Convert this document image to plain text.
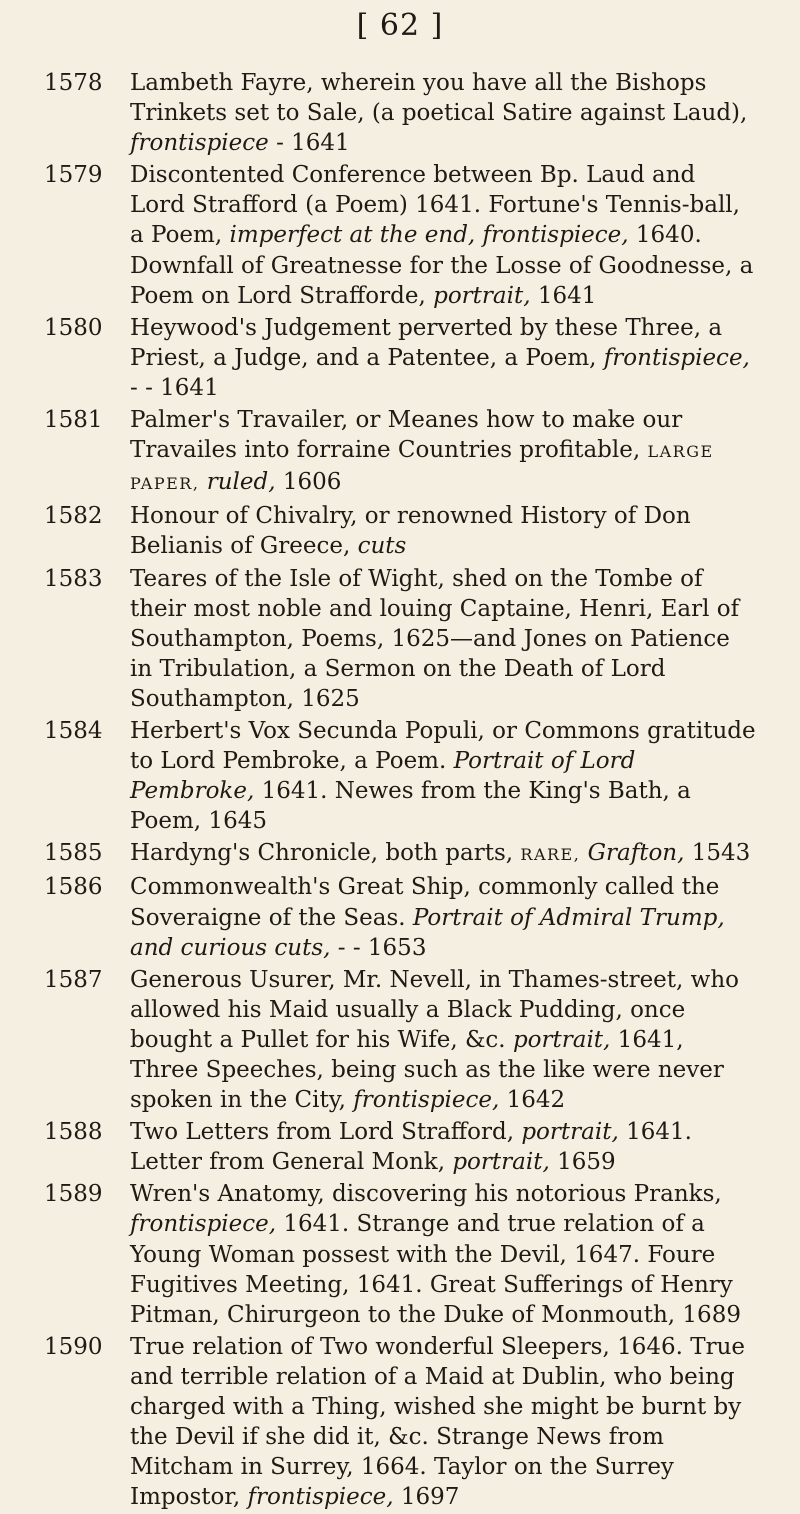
[ 62 ]
1578	Lambeth Fayre, wherein you have all the Bishops Trinkets set to Sale, (a poetical Satire against Laud), frontispiece - 1641
1579	Discontented Conference between Bp. Laud and Lord Strafford (a Poem) 1641. Fortune's Tennis-ball, a Poem, imperfect at the end, frontispiece, 1640. Downfall of Greatnesse for the Losse of Goodnesse, a Poem on Lord Strafforde, portrait, 1641
1580	Heywood's Judgement perverted by these Three, a Priest, a Judge, and a Patentee, a Poem, frontispiece, - - 1641
1581	Palmer's Travailer, or Meanes how to make our Travailes into forraine Countries profitable, LARGE PAPER, ruled, 1606
1582	Honour of Chivalry, or renowned History of Don Belianis of Greece, cuts
1583	Teares of the Isle of Wight, shed on the Tombe of their most noble and louing Captaine, Henri, Earl of Southampton, Poems, 1625—and Jones on Patience in Tribulation, a Sermon on the Death of Lord Southampton, 1625
1584	Herbert's Vox Secunda Populi, or Commons gratitude to Lord Pembroke, a Poem. Portrait of Lord Pembroke, 1641. Newes from the King's Bath, a Poem, 1645
1585	Hardyng's Chronicle, both parts, RARE, Grafton, 1543
1586	Commonwealth's Great Ship, commonly called the Soveraigne of the Seas. Portrait of Admiral Trump, and curious cuts, - - 1653
1587	Generous Usurer, Mr. Nevell, in Thames-street, who allowed his Maid usually a Black Pudding, once bought a Pullet for his Wife, &c. portrait, 1641, Three Speeches, being such as the like were never spoken in the City, frontispiece, 1642
1588	Two Letters from Lord Strafford, portrait, 1641. Letter from General Monk, portrait, 1659
1589	Wren's Anatomy, discovering his notorious Pranks, frontispiece, 1641. Strange and true relation of a Young Woman possest with the Devil, 1647. Foure Fugitives Meeting, 1641. Great Sufferings of Henry Pitman, Chirurgeon to the Duke of Monmouth, 1689
1590	True relation of Two wonderful Sleepers, 1646. True and terrible relation of a Maid at Dublin, who being charged with a Thing, wished she might be burnt by the Devil if she did it, &c. Strange News from Mitcham in Surrey, 1664. Taylor on the Surrey Impostor, frontispiece, 1697
